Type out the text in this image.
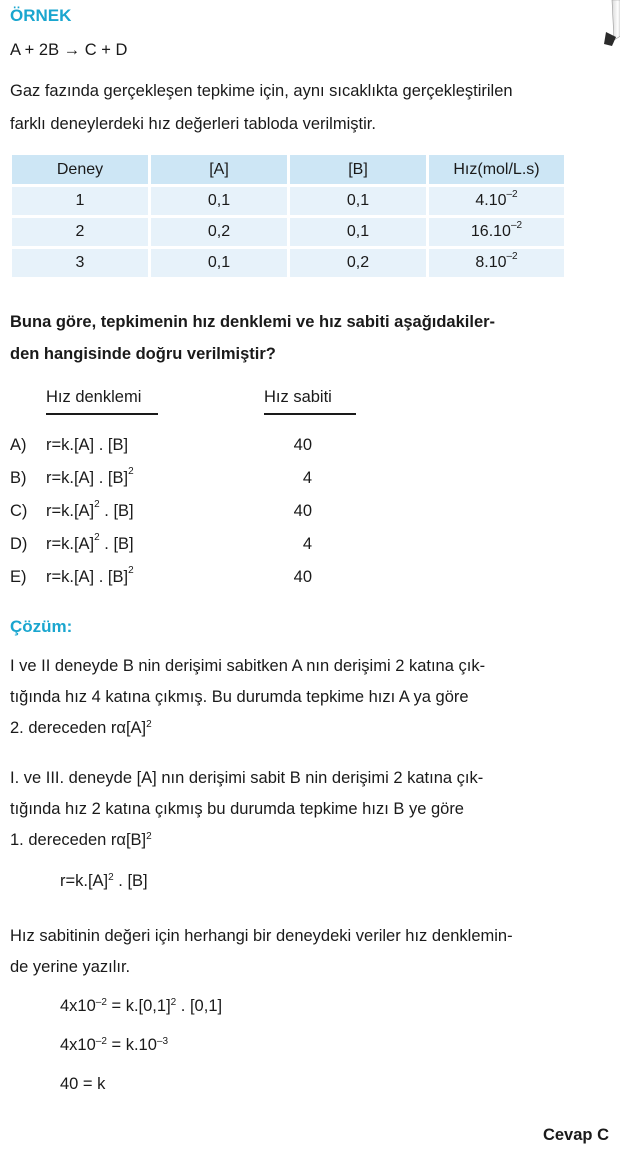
ÖRNEK
A + 2B → C + D
Gaz fazında gerçekleşen tepkime için, aynı sıcaklıkta gerçekleştirilen
farklı deneylerdeki hız değerleri tabloda verilmiştir.
Deney	[A]	[B]	Hız(mol/L.s)
1	0,1	0,1	$4.10^{-2}$
2	0,2	0,1	$16.10^{-2}$
3	0,1	0,2	$8.10^{-2}$
Buna göre, tepkimenin hız denklemi ve hız sabiti aşağıdakiler-
den hangisinde doğru verilmiştir?
Hız denklemi	Hız sabiti
A) r=k.[A] . [B]	40
B) r=k.[A] . $[B]^2$	4
C) $r=k.[A]^2$ . [B]	40
D) $r=k.[A]^2$ . [B]	4
E) r=k.[A] . $[B]^2$	40
Çözüm:
I ve II deneyde B nin derişimi sabitken A nın derişimi 2 katına çık-
tığında hız 4 katına çıkmış. Bu durumda tepkime hızı A ya göre
2. dereceden $r\alpha[A]^2$
I. ve III. deneyde [A] nın derişimi sabit B nin derişimi 2 katına çık-
tığında hız 2 katına çıkmış bu durumda tepkime hızı B ye göre
1. dereceden $r\alpha[B]^2$
$r=k.[A]^2$ . [B]
Hız sabitinin değeri için herhangi bir deneydeki veriler hız denklemin-
de yerine yazılır.
$4x10^{-2} = k.[0,1]^2$ . [0,1]
$4x10^{-2} = k.10^{-3}$
40 = k
Cevap C
